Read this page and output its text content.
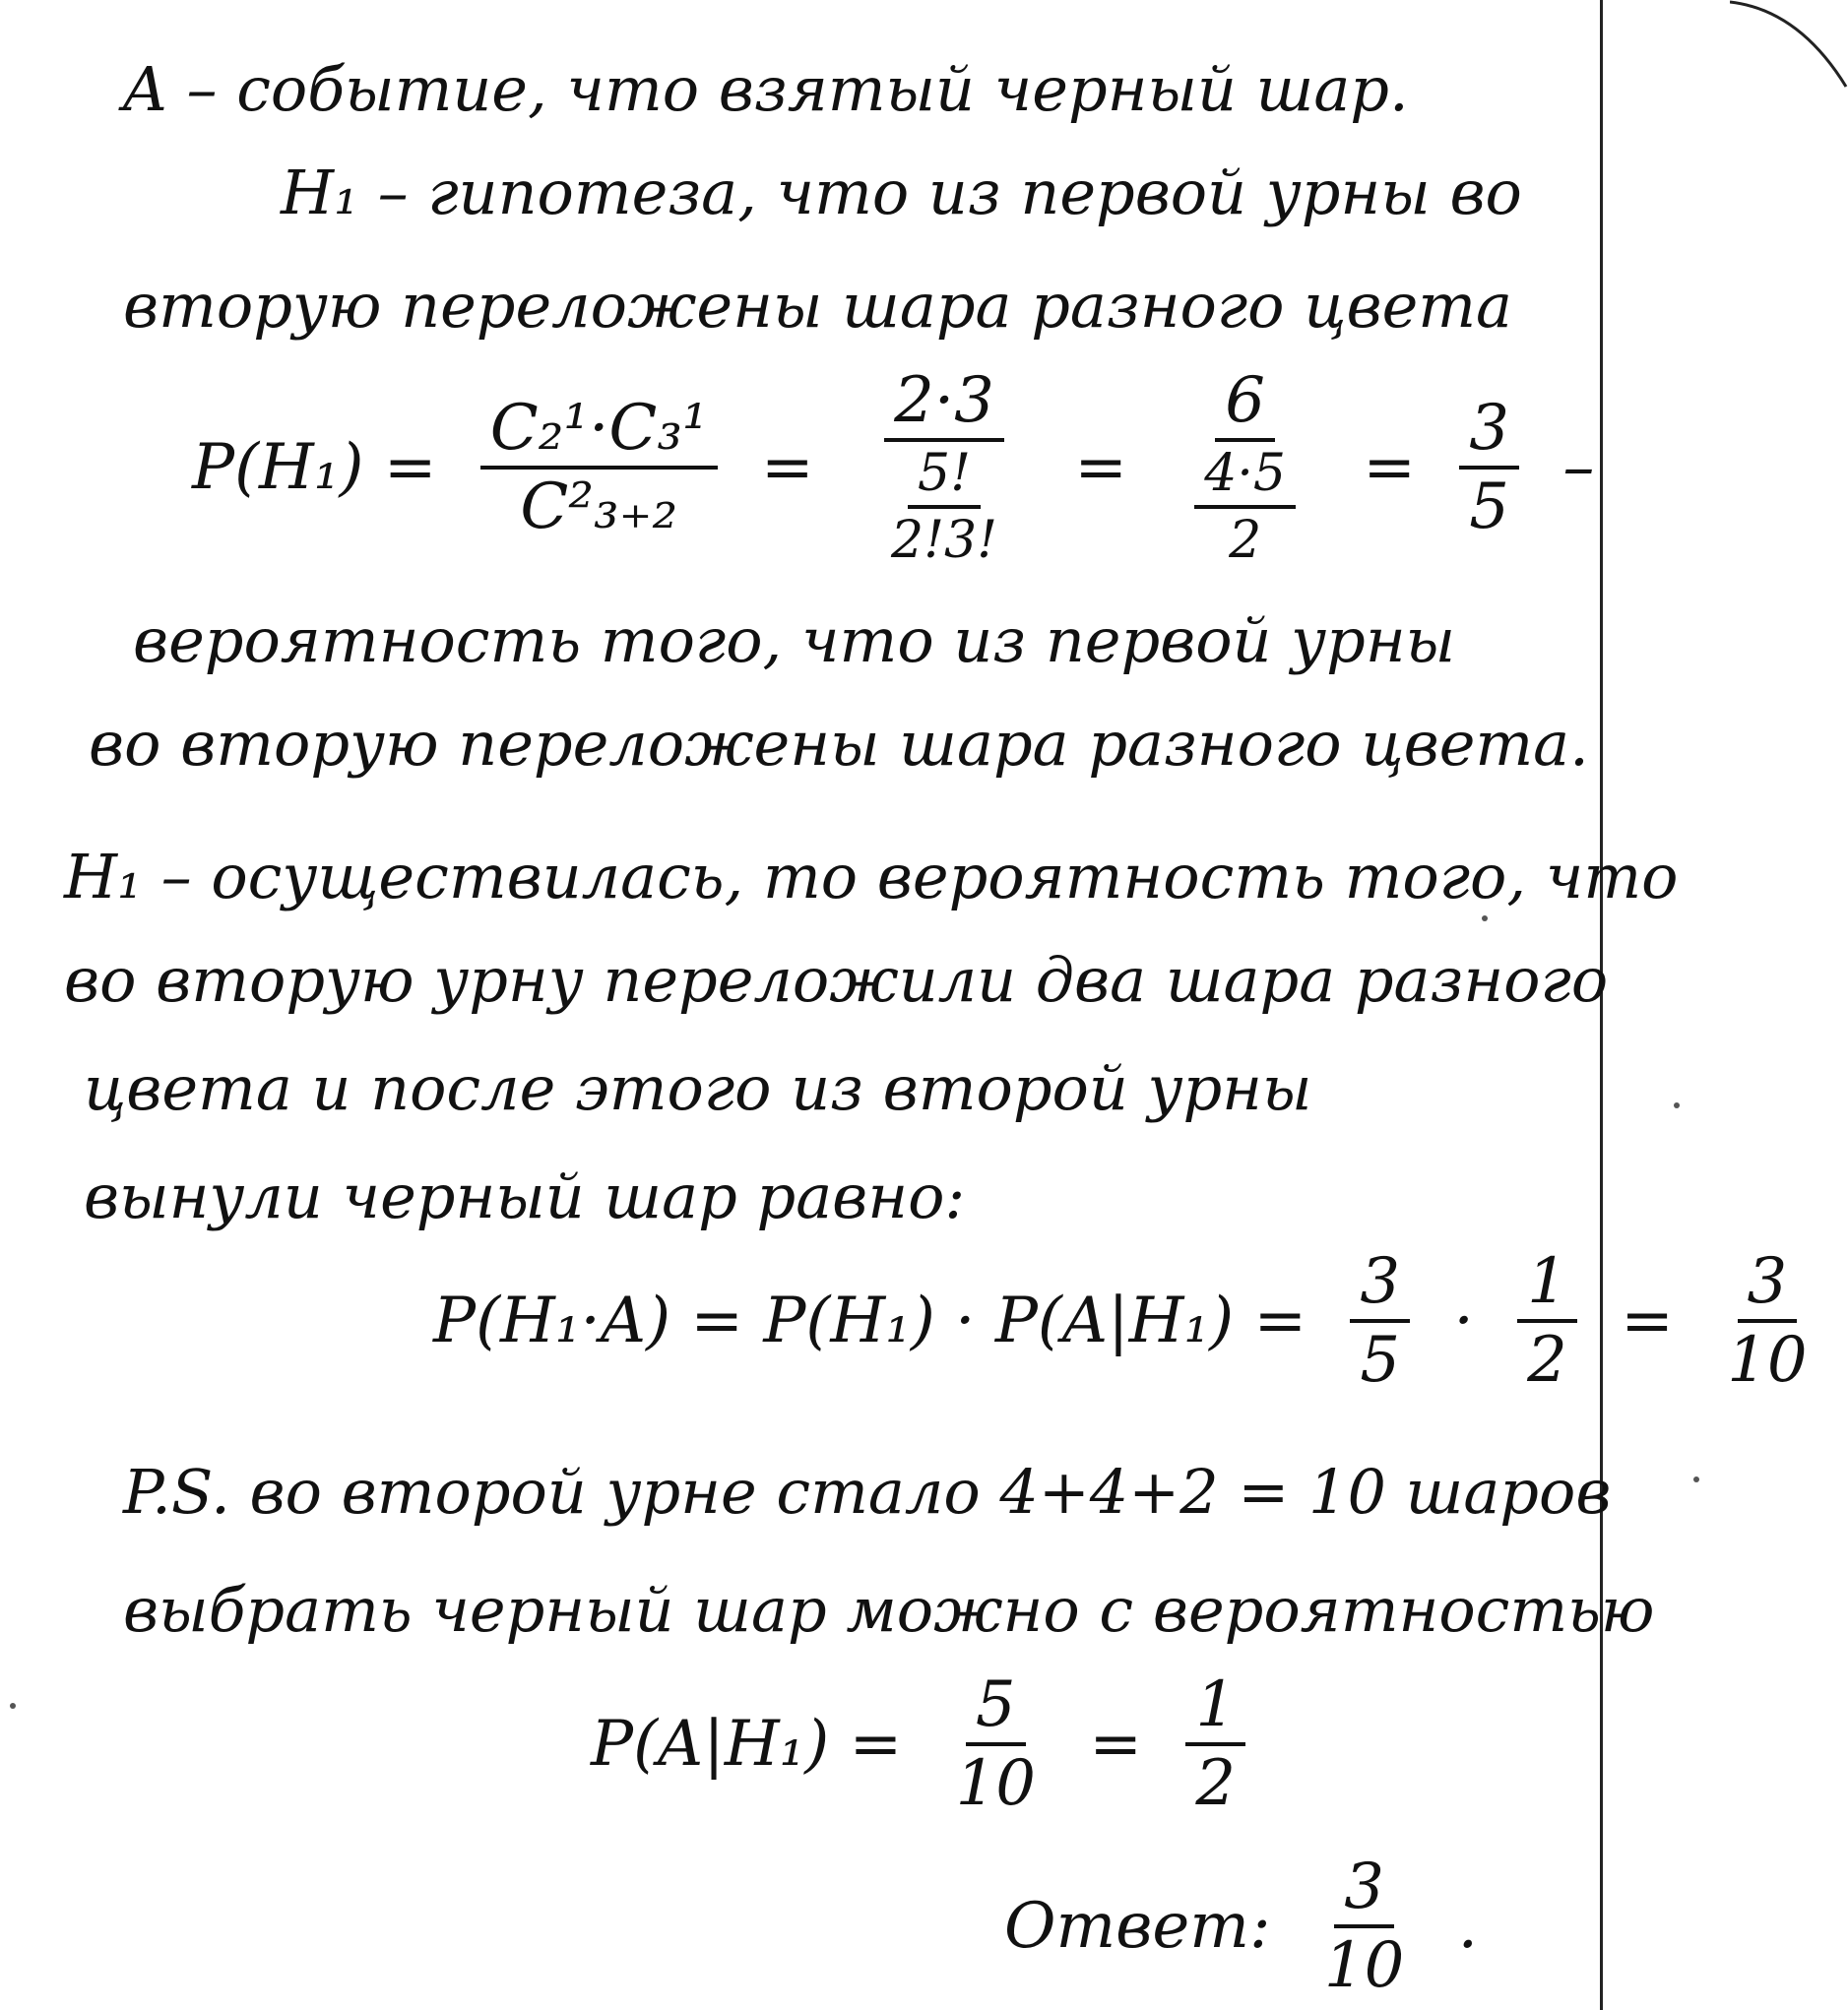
A – событие, что взятый черный шар.
H₁ – гипотеза, что из первой урны во
вторую переложены шара разного цвета
$P(H_1) = \frac{\text{C₂¹·C₃¹}}{\text{C²₃₊₂}} = \frac{2\cdot 3}{\frac{5!}{2!3!}} = \frac{6}{\frac{4\cdot 5}{2}} = \frac{3}{5}$ –
вероятность того, что из первой урны
во вторую переложены шара разного цвета.
H₁ – осуществилась, то вероятность того, что
во вторую урну переложили два шара разного
цвета и после этого из второй урны
вынули черный шар равно:
$P(H_1\cdot A) = P(H_1) \cdot P(A|H_1) = \frac{3}{5} \cdot \frac{1}{2} = \frac{3}{10}$
P.S. во второй урне стало 4+4+2 = 10 шаров
выбрать черный шар можно с вероятностью
$P(A|H_1) = \frac{5}{10} = \frac{1}{2}$
Ответ: $\frac{3}{10}$ .
